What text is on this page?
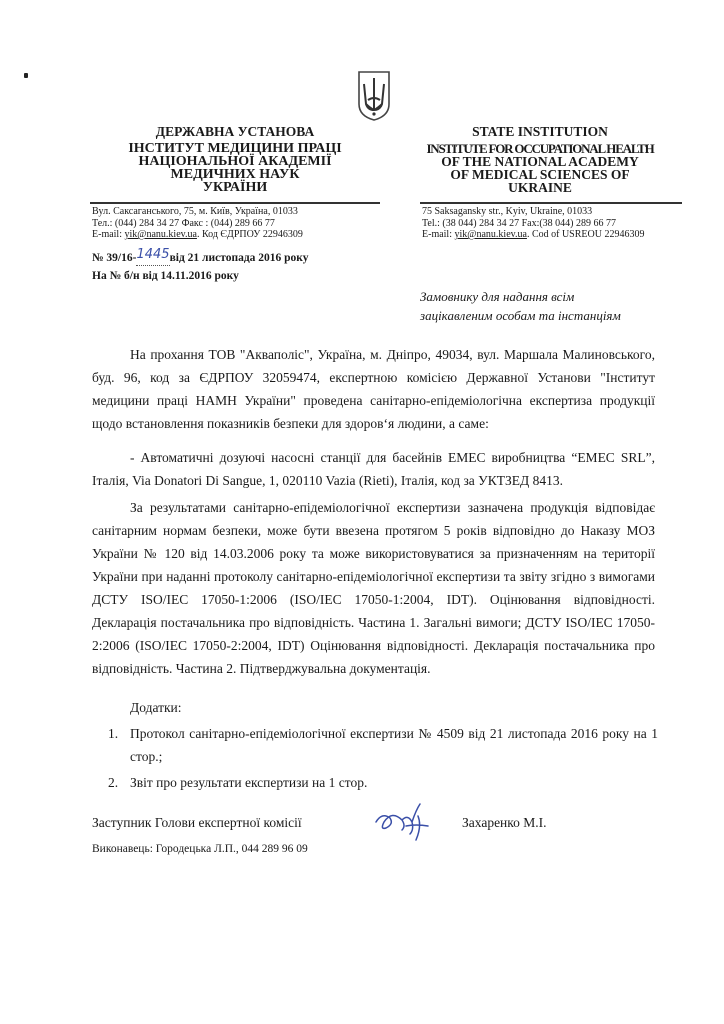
ДЕРЖАВНА УСТАНОВА
ІНСТИТУТ МЕДИЦИНИ ПРАЦІ
НАЦІОНАЛЬНОЇ АКАДЕМІЇ
МЕДИЧНИХ НАУК
УКРАЇНИ
STATE INSTITUTION
INSTITUTE FOR OCCUPATIONAL HEALTH
OF THE NATIONAL ACADEMY
OF MEDICAL SCIENCES OF
UKRAINE
Вул. Саксаганського, 75, м. Київ, Україна, 01033
Тел.: (044) 284 34 27 Факс : (044) 289 66 77
E-mail: yik@nanu.kiev.ua. Код ЄДРПОУ 22946309
75 Saksagansky str., Kyiv, Ukraine, 01033
Tel.: (38 044) 284 34 27 Fax:(38 044) 289 66 77
E-mail: yik@nanu.kiev.ua. Cod of USREOU 22946309
№ 39/16-1445від 21 листопада 2016 року
На № б/н від 14.11.2016 року
Замовнику для надання всім
зацікавленим особам та інстанціям
На прохання ТОВ "Акваполіс", Україна, м. Дніпро, 49034, вул. Маршала Малиновського, буд. 96, код за ЄДРПОУ 32059474, експертною комісією Державної Установи "Інститут медицини праці НАМН України" проведена санітарно-епідеміологічна експертиза продукції щодо встановлення показників безпеки для здоров‘я людини, а саме:
- Автоматичні дозуючі насосні станції для басейнів ЕМЕС виробництва “EMEC SRL”, Італія, Via Donatori Di Sangue, 1, 020110 Vazia (Rieti), Італія, код за УКТЗЕД 8413.
За результатами санітарно-епідеміологічної експертизи зазначена продукція відповідає санітарним нормам безпеки, може бути ввезена протягом 5 років відповідно до Наказу МОЗ України № 120 від 14.03.2006 року та може використовуватися за призначенням на території України при наданні протоколу санітарно-епідеміологічної експертизи та звіту згідно з вимогами ДСТУ ISO/IEC 17050-1:2006 (ISO/IEC 17050-1:2004, IDT). Оцінювання відповідності. Декларація постачальника про відповідність. Частина 1. Загальні вимоги; ДСТУ ISO/IEC 17050-2:2006 (ISO/IEC 17050-2:2004, IDT) Оцінювання відповідності. Декларація постачальника про відповідність. Частина 2. Підтверджувальна документація.
Додатки:
1. Протокол санітарно-епідеміологічної експертизи № 4509 від 21 листопада 2016 року на 1 стор.;
2. Звіт про результати експертизи на 1 стор.
Заступник Голови експертної комісії	Захаренко М.І.
Виконавець: Городецька Л.П., 044 289 96 09
